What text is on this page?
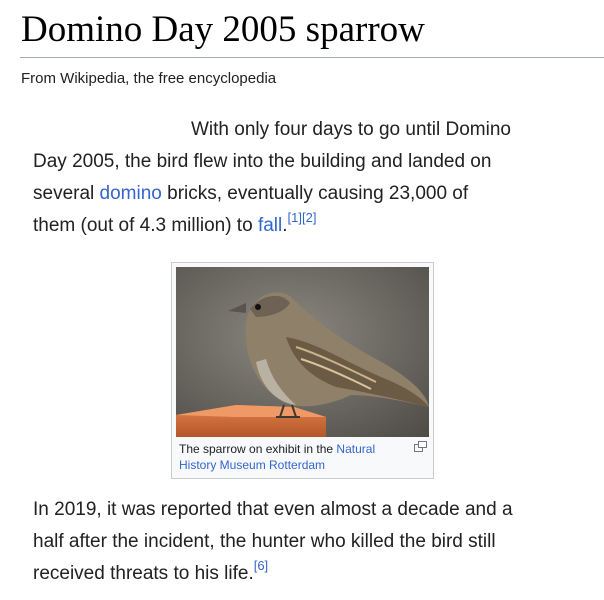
Domino Day 2005 sparrow
From Wikipedia, the free encyclopedia
With only four days to go until Domino
Day 2005, the bird flew into the building and landed on
several domino bricks, eventually causing 23,000 of
them (out of 4.3 million) to fall.[1][2]
The sparrow on exhibit in the Natural History Museum Rotterdam
In 2019, it was reported that even almost a decade and a
half after the incident, the hunter who killed the bird still
received threats to his life.[6]
